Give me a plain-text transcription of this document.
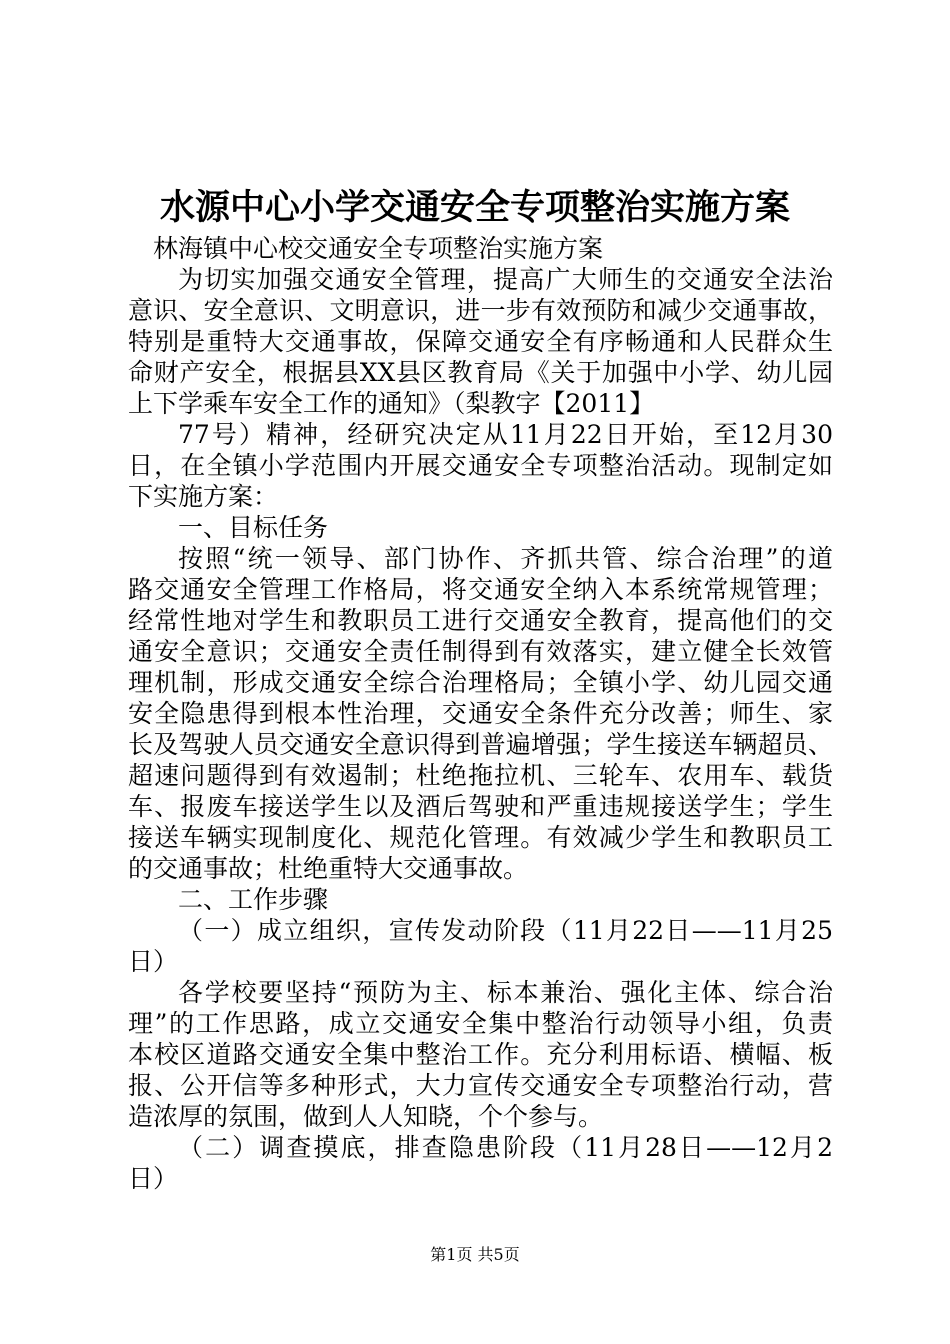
水源中心小学交通安全专项整治实施方案
林海镇中心校交通安全专项整治实施方案
为切实加强交通安全管理，提高广大师生的交通安全法治
意识、安全意识、文明意识，进一步有效预防和减少交通事故，
特别是重特大交通事故，保障交通安全有序畅通和人民群众生
命财产安全，根据县XX县区教育局《关于加强中小学、幼儿园
上下学乘车安全工作的通知》（梨教字【2011】
77号）精神，经研究决定从11月22日开始，至12月30
日，在全镇小学范围内开展交通安全专项整治活动。现制定如
下实施方案：
一、目标任务
按照“统一领导、部门协作、齐抓共管、综合治理”的道
路交通安全管理工作格局，将交通安全纳入本系统常规管理；
经常性地对学生和教职员工进行交通安全教育，提高他们的交
通安全意识；交通安全责任制得到有效落实，建立健全长效管
理机制，形成交通安全综合治理格局；全镇小学、幼儿园交通
安全隐患得到根本性治理，交通安全条件充分改善；师生、家
长及驾驶人员交通安全意识得到普遍增强；学生接送车辆超员、
超速问题得到有效遏制；杜绝拖拉机、三轮车、农用车、载货
车、报废车接送学生以及酒后驾驶和严重违规接送学生；学生
接送车辆实现制度化、规范化管理。有效减少学生和教职员工
的交通事故；杜绝重特大交通事故。
二、工作步骤
（一）成立组织，宣传发动阶段（11月22日——11月25
日）
各学校要坚持“预防为主、标本兼治、强化主体、综合治
理”的工作思路，成立交通安全集中整治行动领导小组，负责
本校区道路交通安全集中整治工作。充分利用标语、横幅、板
报、公开信等多种形式，大力宣传交通安全专项整治行动，营
造浓厚的氛围，做到人人知晓，个个参与。
（二）调查摸底，排查隐患阶段（11月28日——12月2
日）
第1页 共5页
